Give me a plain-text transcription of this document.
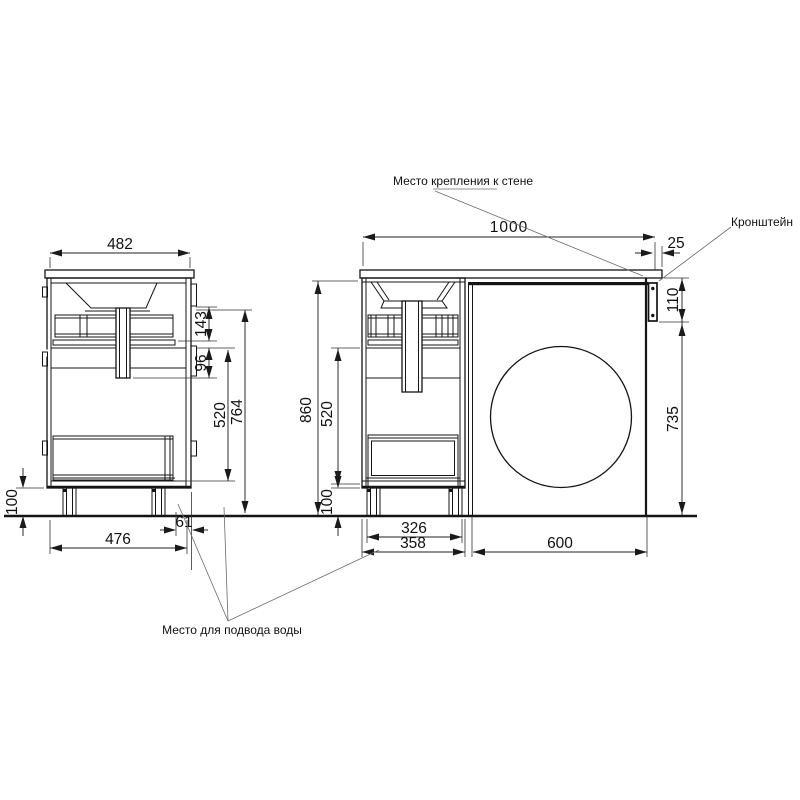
482
100
143
96
520 764
61
476
1000
25
110
735
860 520
100
326
358	600
Место крепления к стене
Кронштейн
Место для подвода воды
